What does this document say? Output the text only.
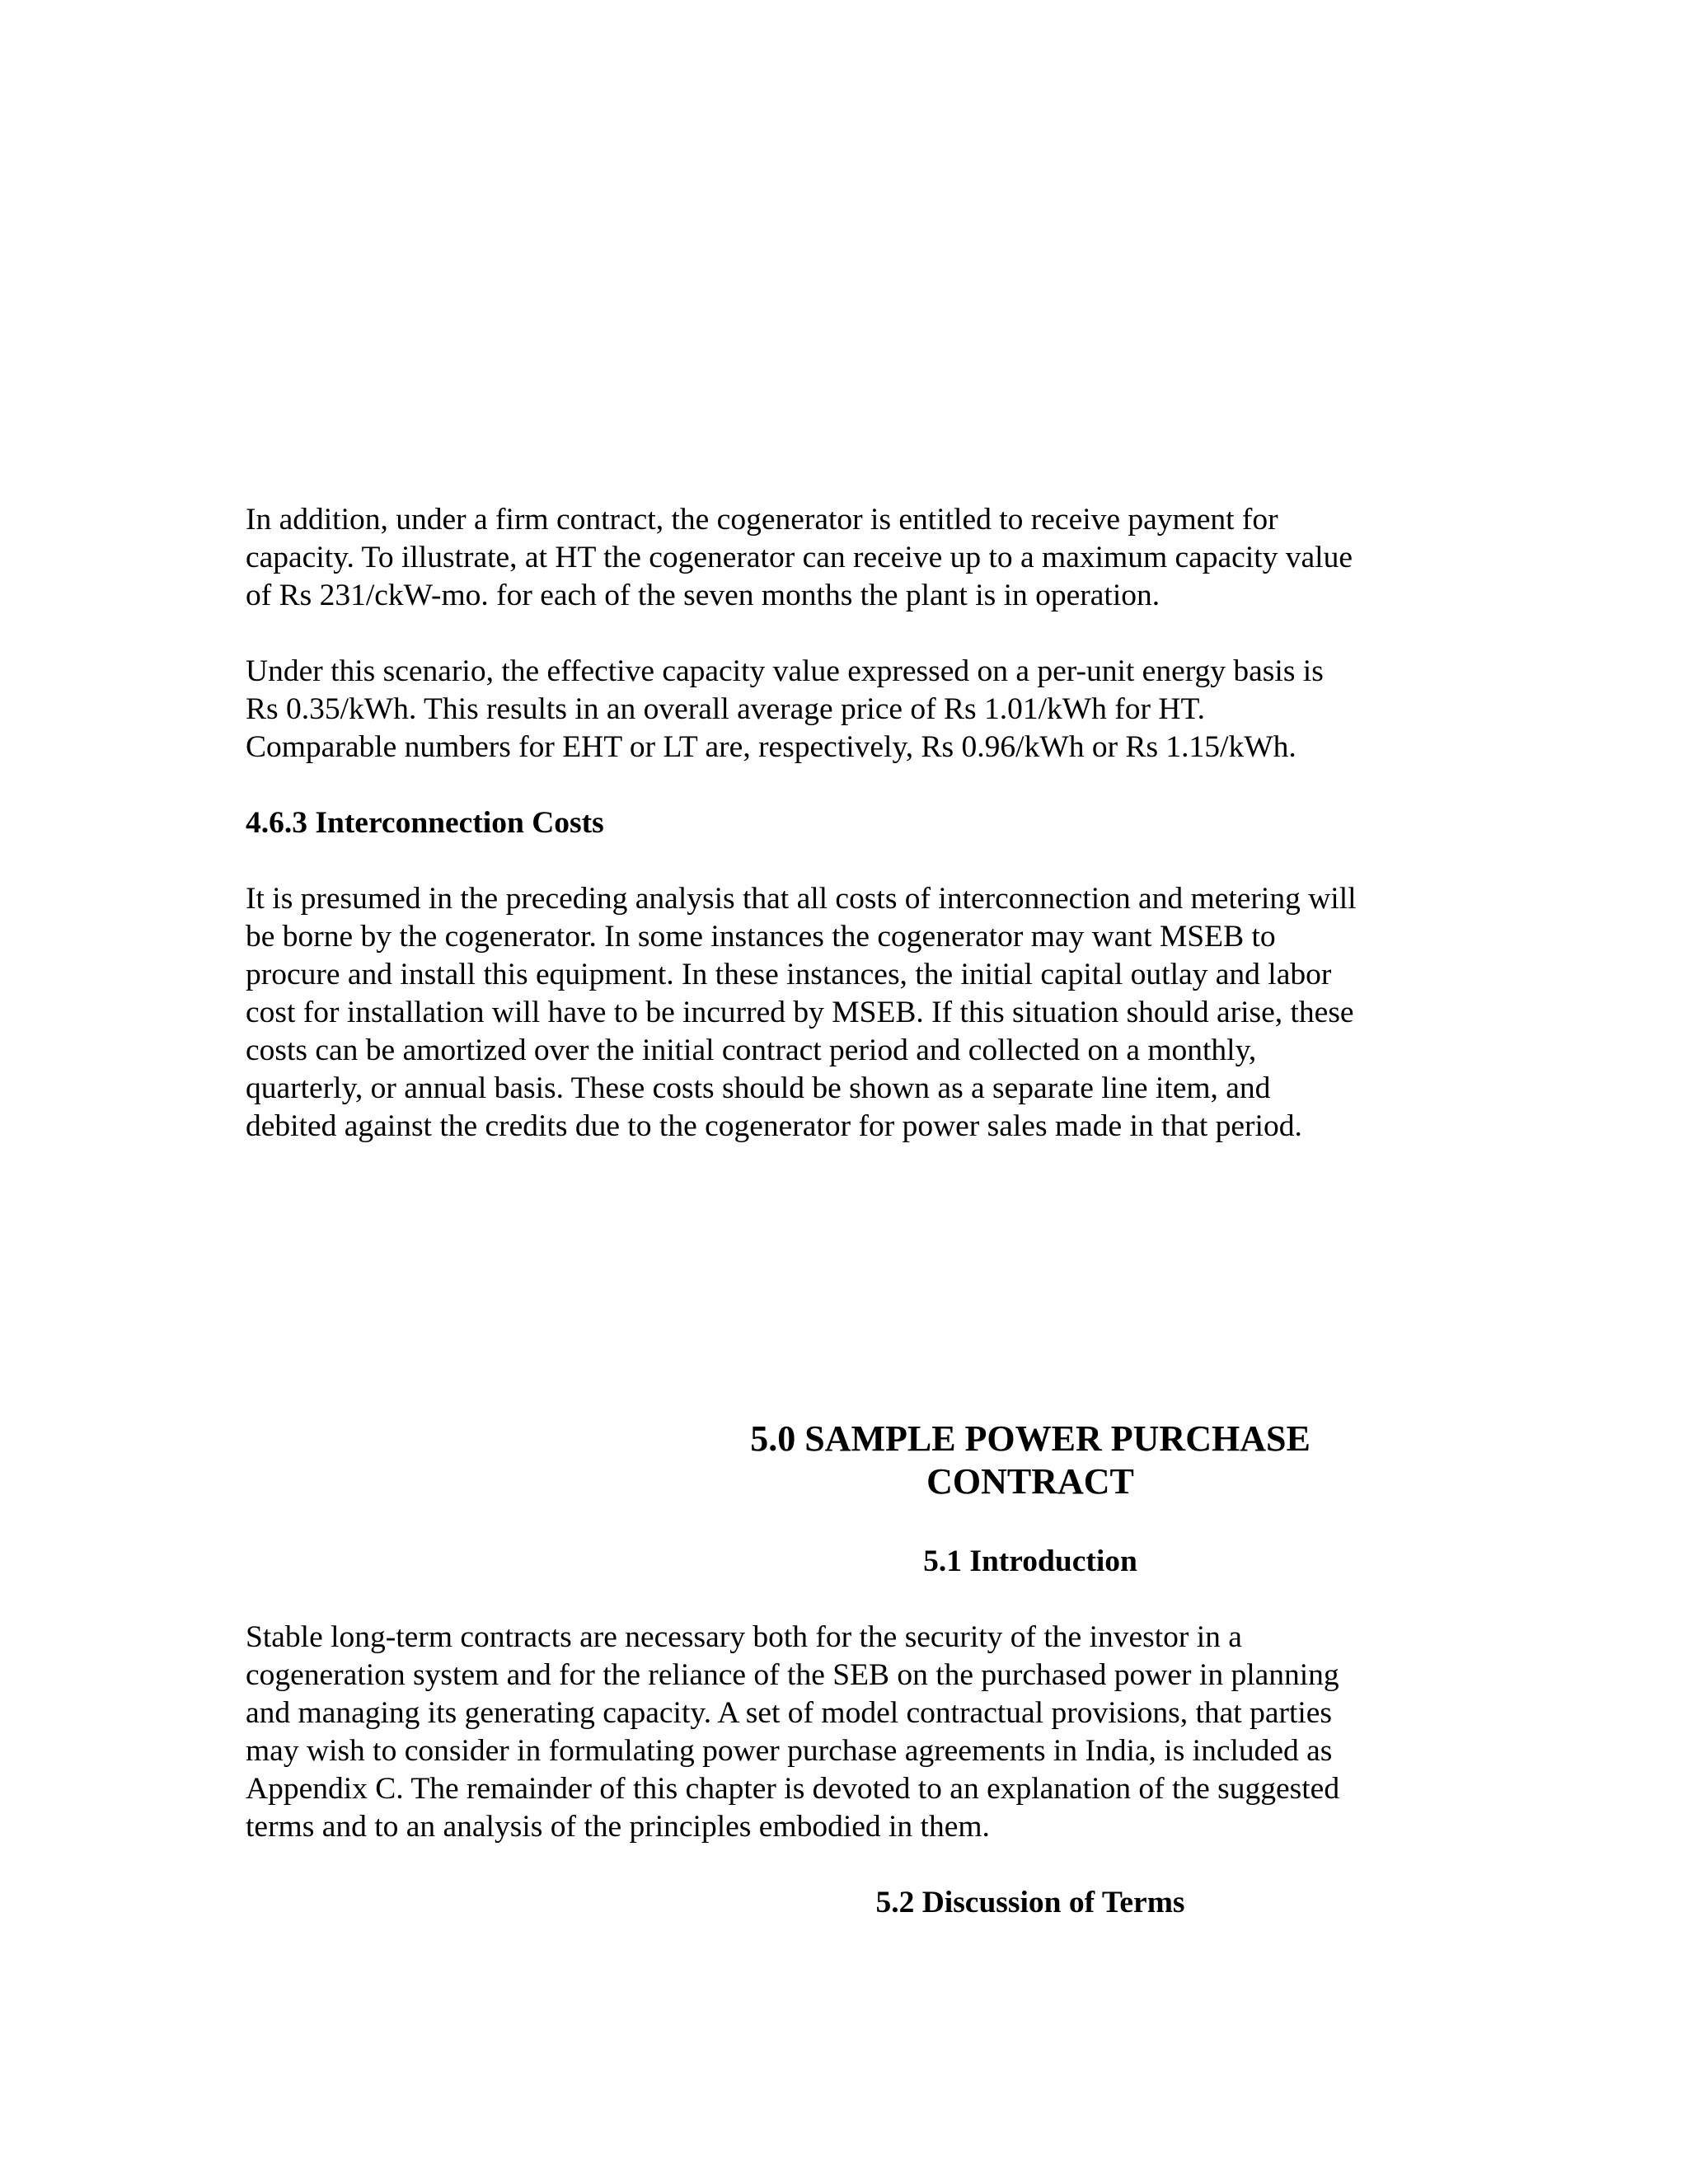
In addition, under a firm contract, the cogenerator is entitled to receive payment for
capacity. To illustrate, at HT the cogenerator can receive up to a maximum capacity value
of Rs 231/ckW-mo. for each of the seven months the plant is in operation.

Under this scenario, the effective capacity value expressed on a per-unit energy basis is
Rs 0.35/kWh. This results in an overall average price of Rs 1.01/kWh for HT.
Comparable numbers for EHT or LT are, respectively, Rs 0.96/kWh or Rs 1.15/kWh.

4.6.3 Interconnection Costs

It is presumed in the preceding analysis that all costs of interconnection and metering will
be borne by the cogenerator. In some instances the cogenerator may want MSEB to
procure and install this equipment. In these instances, the initial capital outlay and labor
cost for installation will have to be incurred by MSEB. If this situation should arise, these
costs can be amortized over the initial contract period and collected on a monthly,
quarterly, or annual basis. These costs should be shown as a separate line item, and
debited against the credits due to the cogenerator for power sales made in that period.

5.0 SAMPLE POWER PURCHASE
CONTRACT
5.1 Introduction

Stable long-term contracts are necessary both for the security of the investor in a
cogeneration system and for the reliance of the SEB on the purchased power in planning
and managing its generating capacity. A set of model contractual provisions, that parties
may wish to consider in formulating power purchase agreements in India, is included as
Appendix C. The remainder of this chapter is devoted to an explanation of the suggested
terms and to an analysis of the principles embodied in them.

5.2 Discussion of Terms
